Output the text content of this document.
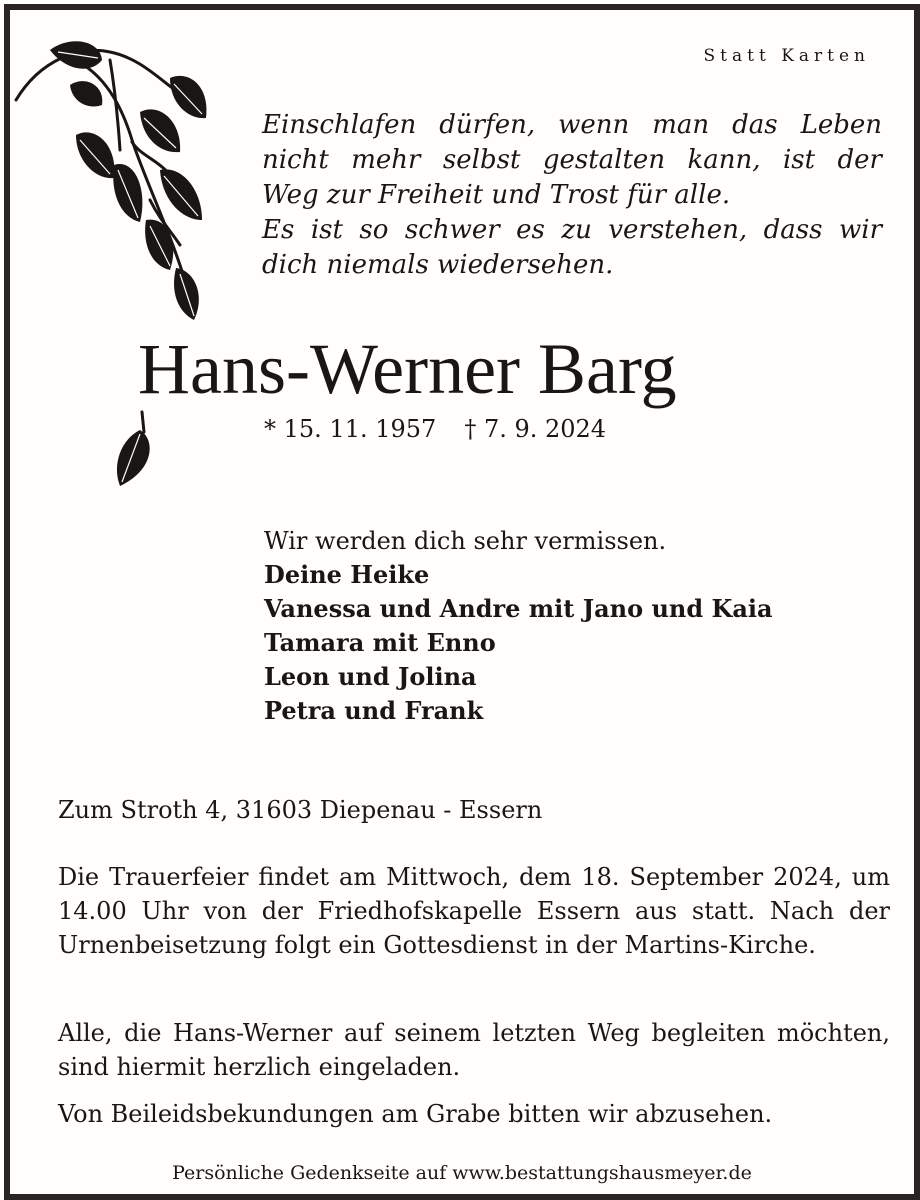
Statt Karten
Einschlafen dürfen, wenn man das Leben
nicht mehr selbst gestalten kann, ist der
Weg zur Freiheit und Trost für alle.
Es ist so schwer es zu verstehen, dass wir
dich niemals wiedersehen.
Hans-Werner Barg
* 15. 11. 1957 † 7. 9. 2024
Wir werden dich sehr vermissen.
Deine Heike
Vanessa und Andre mit Jano und Kaia
Tamara mit Enno
Leon und Jolina
Petra und Frank
Zum Stroth 4, 31603 Diepenau - Essern
Die Trauerfeier findet am Mittwoch, dem 18. September 2024, um 14.00 Uhr von der Friedhofskapelle Essern aus statt. Nach der Urnenbeisetzung folgt ein Gottesdienst in der Martins-Kirche.
Alle, die Hans-Werner auf seinem letzten Weg begleiten möchten, sind hiermit herzlich eingeladen.
Von Beileidsbekundungen am Grabe bitten wir abzusehen.
Persönliche Gedenkseite auf www.bestattungshausmeyer.de
